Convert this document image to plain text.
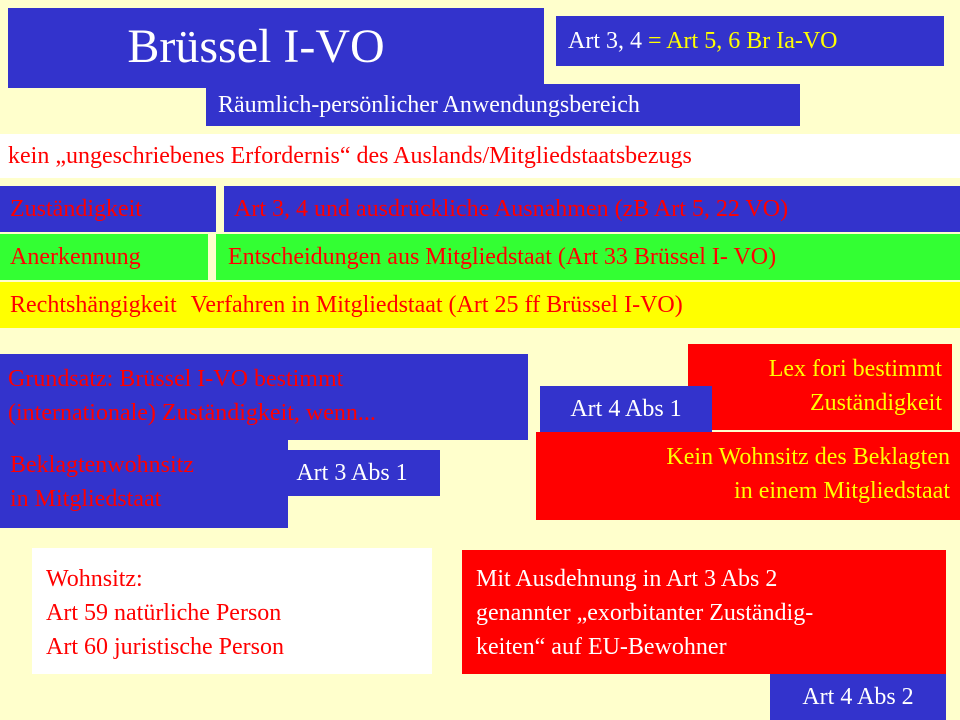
Brüssel I-VO	Art 3, 4 = Art 5, 6 Br Ia-VO
Räumlich-persönlicher Anwendungsbereich
kein „ungeschriebenes Erfordernis“ des Auslands/Mitgliedstaatsbezugs
Zuständigkeit	Art 3, 4 und ausdrückliche Ausnahmen (zB Art 5, 22 VO)
Anerkennung	Entscheidungen aus Mitgliedstaat (Art 33 Brüssel I- VO)
Rechtshängigkeit Verfahren in Mitgliedstaat (Art 25 ff Brüssel I-VO)
Grundsatz: Brüssel I-VO bestimmt
(internationale) Zuständigkeit, wenn...
Beklagtenwohnsitz
in Mitgliedstaat
Art 3 Abs 1
Lex fori bestimmt
Zuständigkeit
Art 4 Abs 1
Kein Wohnsitz des Beklagten
in einem Mitgliedstaat
Wohnsitz:
Art 59 natürliche Person
Art 60 juristische Person
Mit Ausdehnung in Art 3 Abs 2
genannter „exorbitanter Zuständig-
keiten“ auf EU-Bewohner
Art 4 Abs 2
